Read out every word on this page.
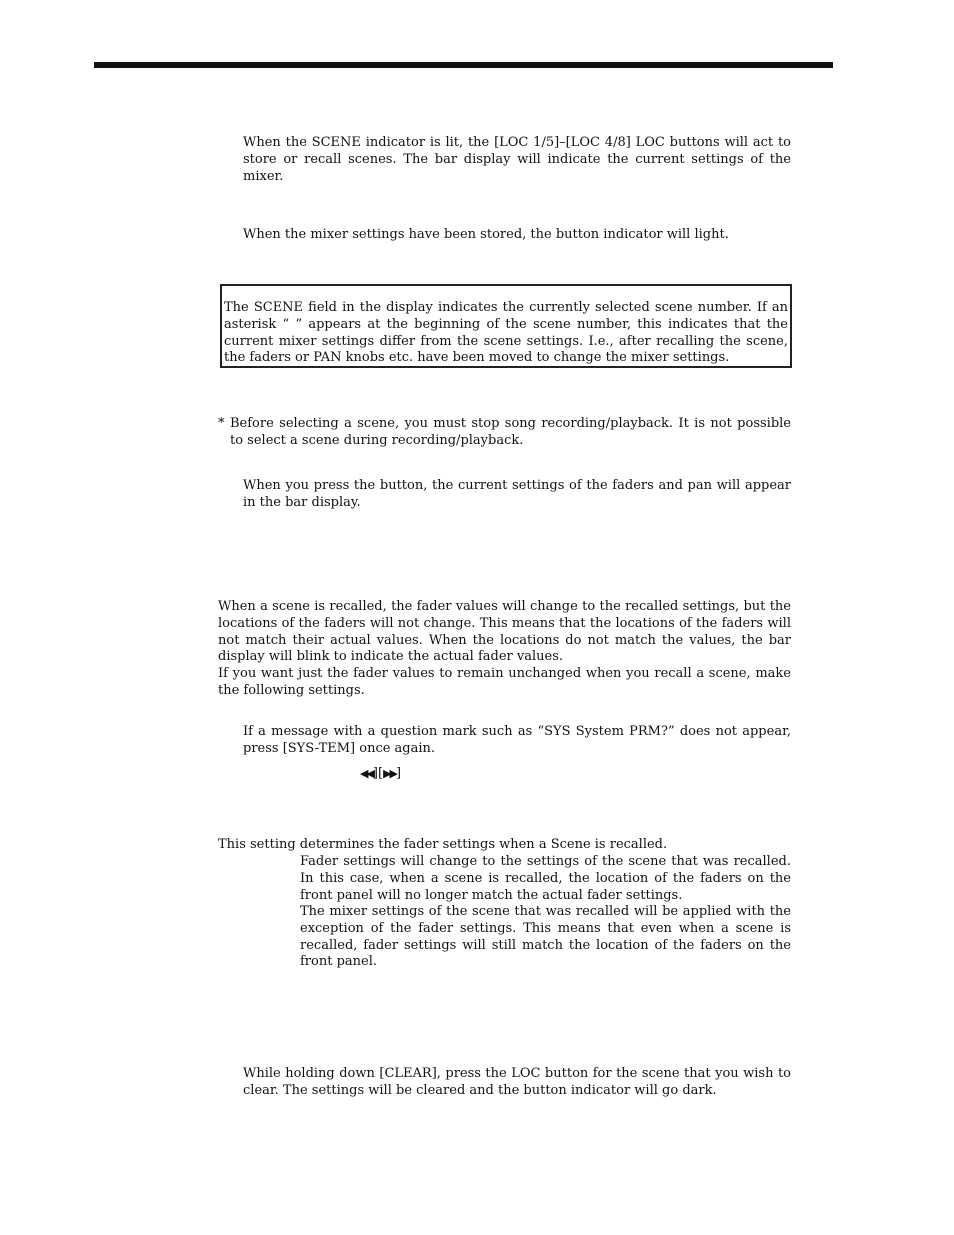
When the SCENE indicator is lit, the [LOC 1/5]–[LOC 4/8] LOC buttons will act to store or recall scenes. The bar display will indicate the current settings of the mixer.

When the mixer settings have been stored, the button indicator will light.

The SCENE field in the display indicates the currently selected scene number. If an asterisk “ ” appears at the beginning of the scene number, this indicates that the current mixer settings differ from the scene settings. I.e., after recalling the scene, the faders or PAN knobs etc. have been moved to change the mixer settings.

* Before selecting a scene, you must stop song recording/playback. It is not possible to select a scene during recording/playback.

When you press the button, the current settings of the faders and pan will appear in the bar display.

When a scene is recalled, the fader values will change to the recalled settings, but the locations of the faders will not change. This means that the locations of the faders will not match their actual values. When the locations do not match the values, the bar display will blink to indicate the actual fader values.

If you want just the fader values to remain unchanged when you recall a scene, make the following settings.

If a message with a question mark such as “SYS System PRM?” does not appear, press [SYS-TEM] once again.

◀◀][▶▶]

This setting determines the fader settings when a Scene is recalled.

Fader settings will change to the settings of the scene that was recalled. In this case, when a scene is recalled, the location of the faders on the front panel will no longer match the actual fader settings.

The mixer settings of the scene that was recalled will be applied with the exception of the fader settings. This means that even when a scene is recalled, fader settings will still match the location of the faders on the front panel.

While holding down [CLEAR], press the LOC button for the scene that you wish to clear. The settings will be cleared and the button indicator will go dark.
